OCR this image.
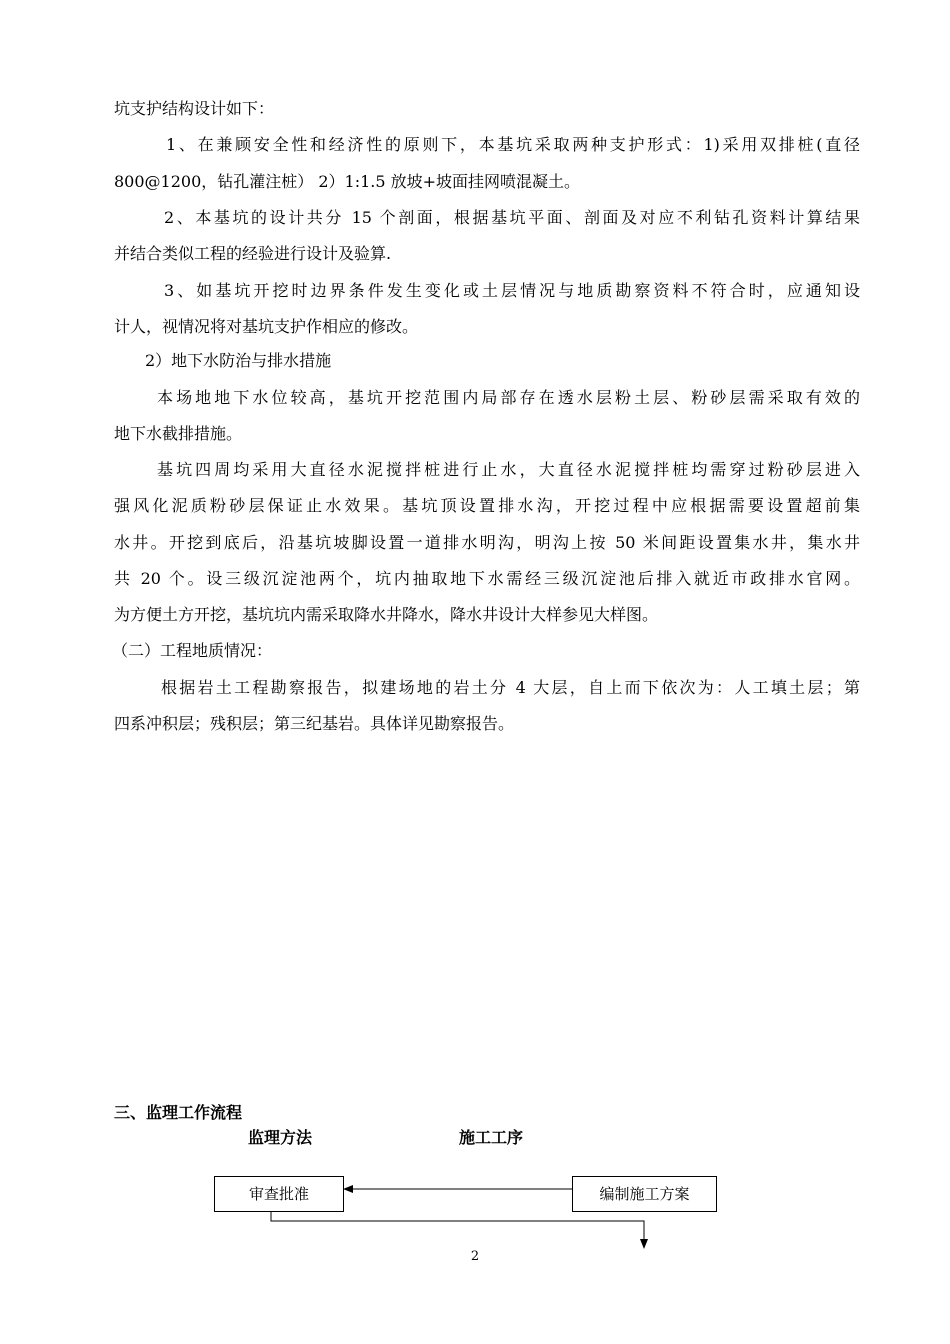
坑支护结构设计如下：
1、在兼顾安全性和经济性的原则下，本基坑采取两种支护形式：1)采用双排桩(直径
800@1200，钻孔灌注桩） 2）1:1.5 放坡+坡面挂网喷混凝土。
2、本基坑的设计共分 15 个剖面，根据基坑平面、剖面及对应不利钻孔资料计算结果
并结合类似工程的经验进行设计及验算.
3、如基坑开挖时边界条件发生变化或土层情况与地质勘察资料不符合时，应通知设
计人，视情况将对基坑支护作相应的修改。
2）地下水防治与排水措施
本场地地下水位较高，基坑开挖范围内局部存在透水层粉土层、粉砂层需采取有效的
地下水截排措施。
基坑四周均采用大直径水泥搅拌桩进行止水，大直径水泥搅拌桩均需穿过粉砂层进入
强风化泥质粉砂层保证止水效果。基坑顶设置排水沟，开挖过程中应根据需要设置超前集
水井。开挖到底后，沿基坑坡脚设置一道排水明沟，明沟上按 50 米间距设置集水井，集水井
共 20 个。设三级沉淀池两个，坑内抽取地下水需经三级沉淀池后排入就近市政排水官网。
为方便土方开挖，基坑坑内需采取降水井降水，降水井设计大样参见大样图。
（二）工程地质情况：
根据岩土工程勘察报告，拟建场地的岩土分 4 大层，自上而下依次为：人工填土层；第
四系冲积层；残积层；第三纪基岩。具体详见勘察报告。
三、监理工作流程
监理方法	施工工序
审查批准	编制施工方案
2
